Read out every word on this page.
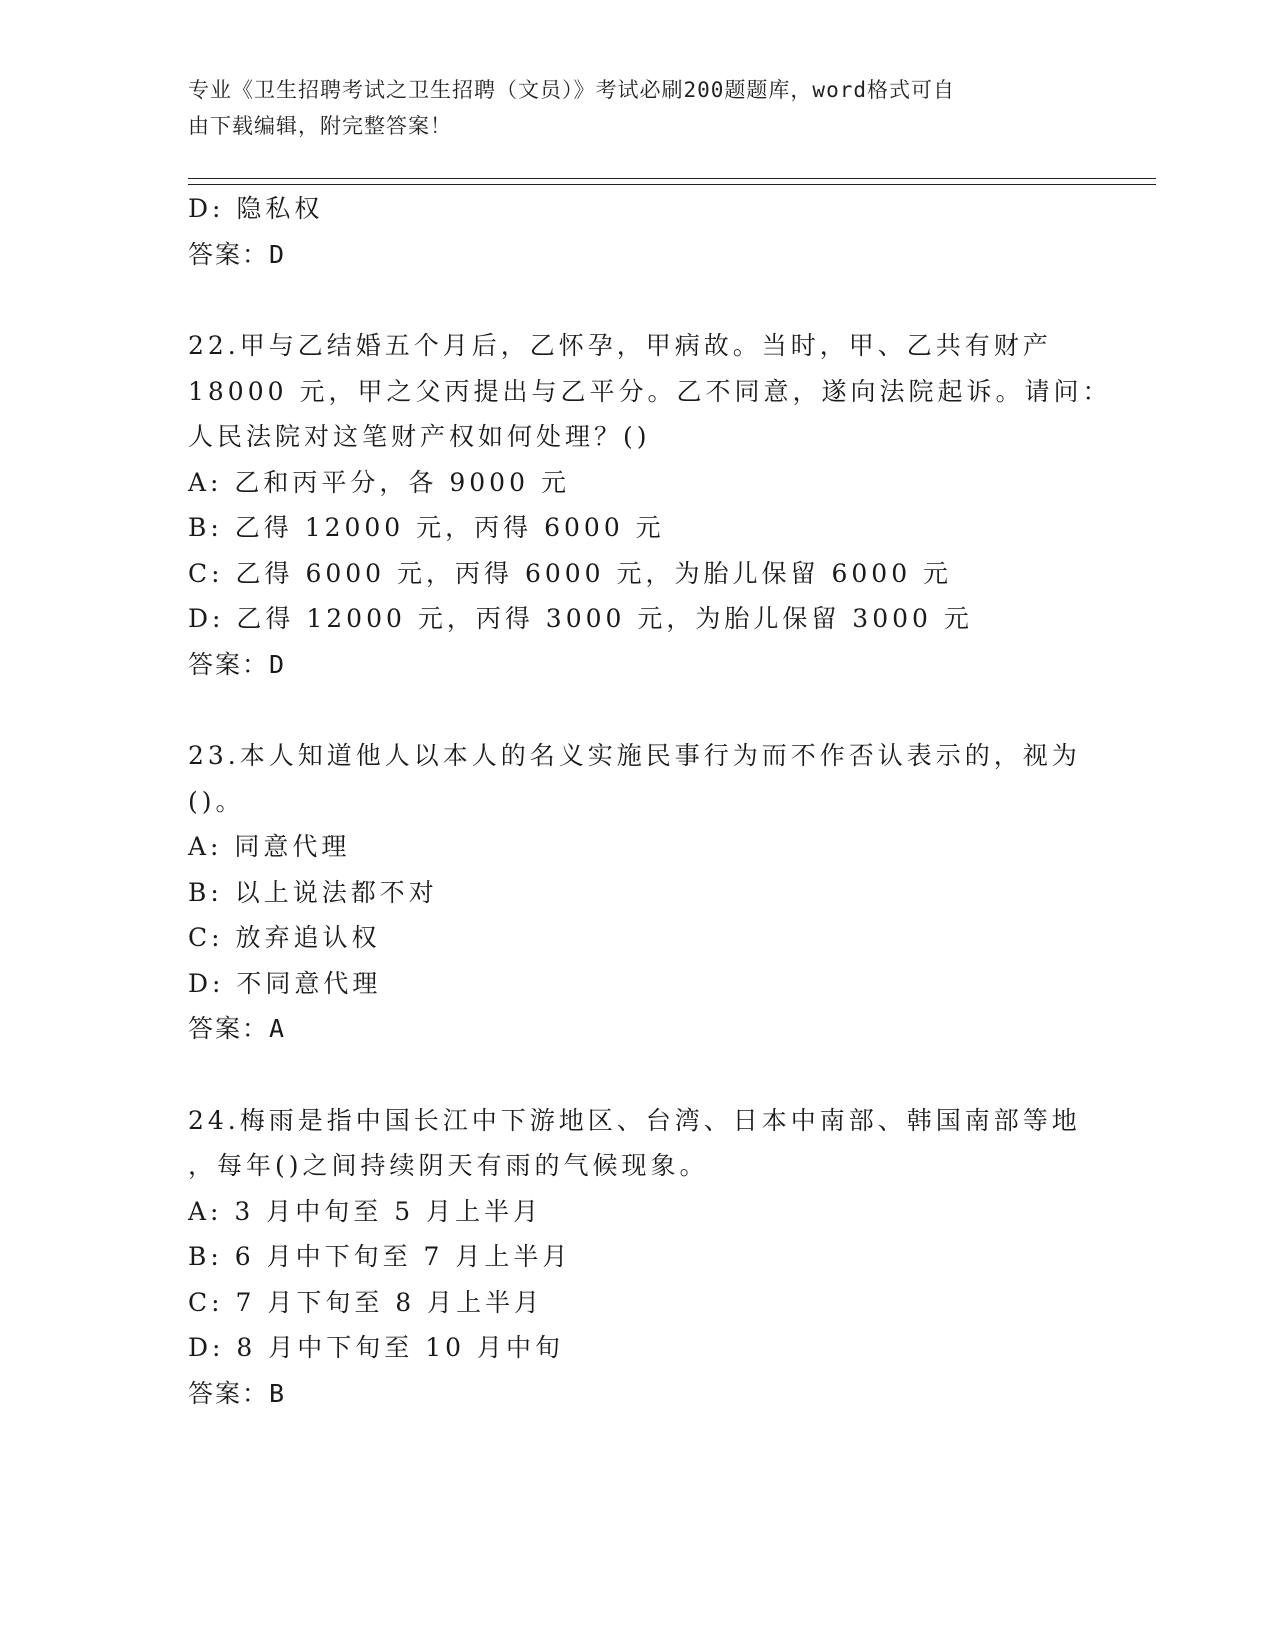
专业《卫生招聘考试之卫生招聘（文员）》考试必刷200题题库，word格式可自
由下载编辑，附完整答案！
D: 隐私权
答案：D
22.甲与乙结婚五个月后，乙怀孕，甲病故。当时，甲、乙共有财产
18000 元，甲之父丙提出与乙平分。乙不同意，遂向法院起诉。请问：
人民法院对这笔财产权如何处理？()
A: 乙和丙平分，各 9000 元
B: 乙得 12000 元，丙得 6000 元
C: 乙得 6000 元，丙得 6000 元，为胎儿保留 6000 元
D: 乙得 12000 元，丙得 3000 元，为胎儿保留 3000 元
答案：D
23.本人知道他人以本人的名义实施民事行为而不作否认表示的，视为
()。
A: 同意代理
B: 以上说法都不对
C: 放弃追认权
D: 不同意代理
答案：A
24.梅雨是指中国长江中下游地区、台湾、日本中南部、韩国南部等地
，每年()之间持续阴天有雨的气候现象。
A: 3 月中旬至 5 月上半月
B: 6 月中下旬至 7 月上半月
C: 7 月下旬至 8 月上半月
D: 8 月中下旬至 10 月中旬
答案：B
